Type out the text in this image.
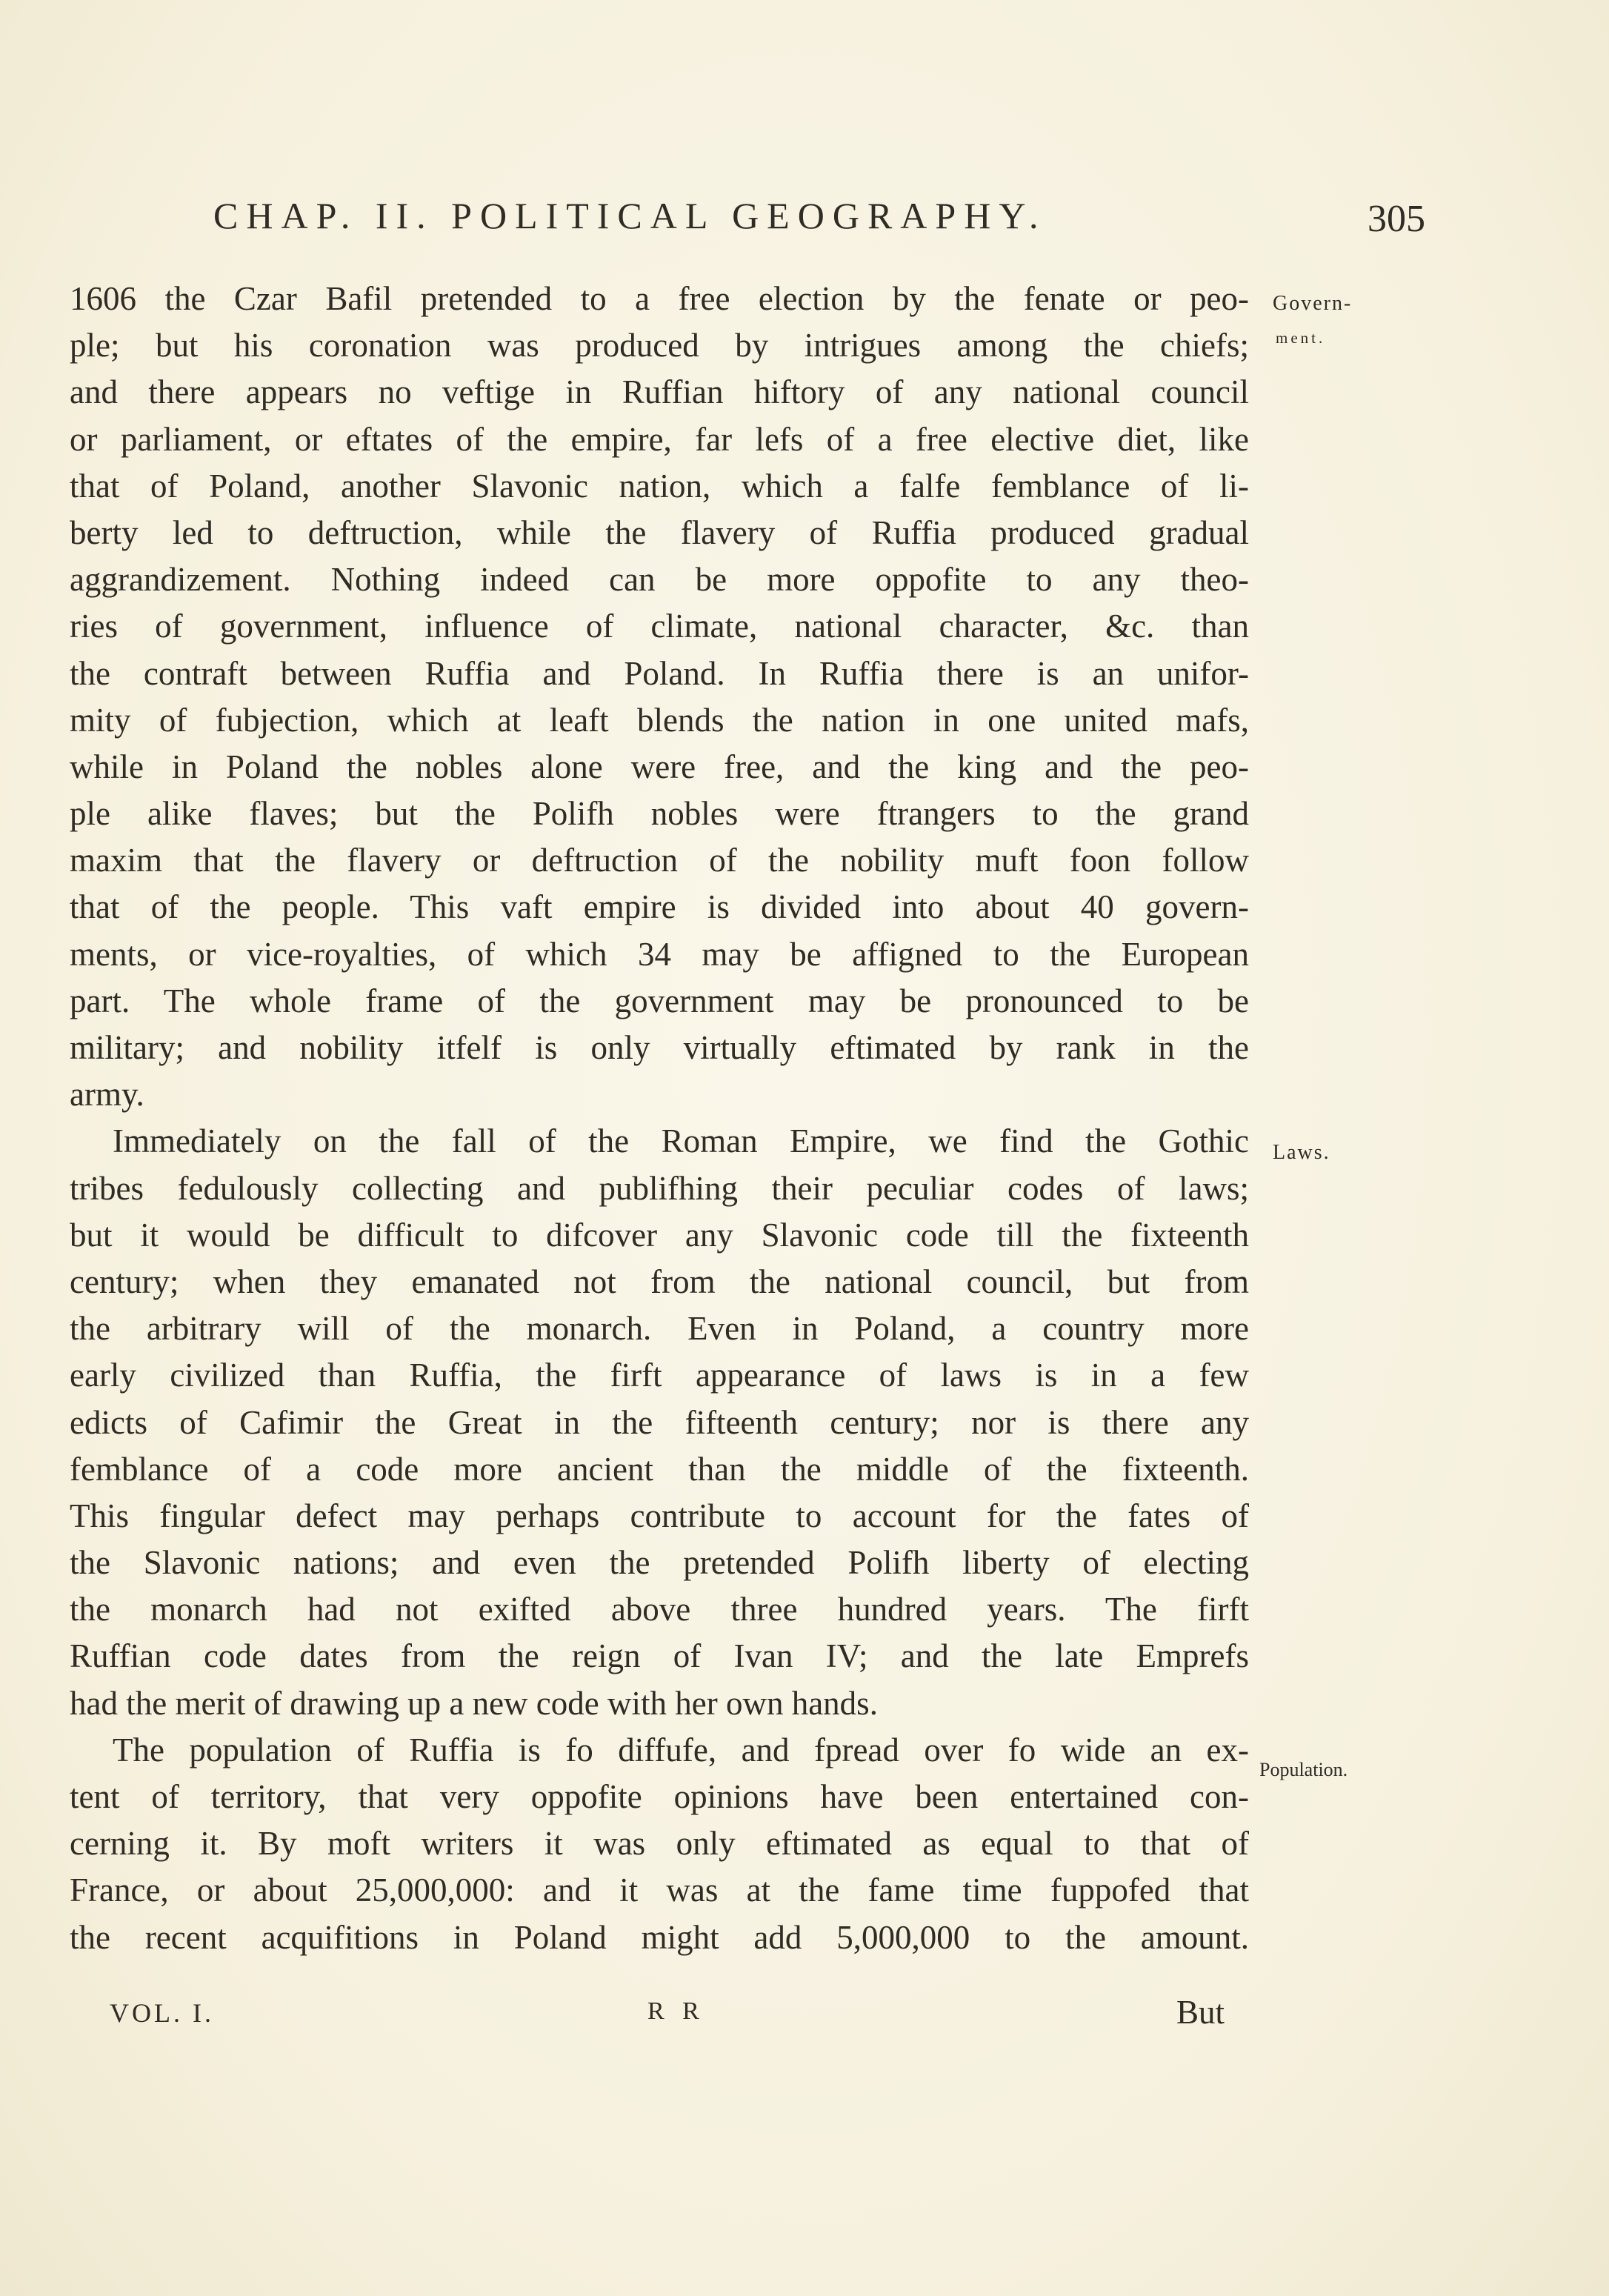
CHAP. II. POLITICAL GEOGRAPHY.	305
Govern-
ment.
Laws.
Population.
1606 the Czar Bafil pretended to a free election by the fenate or peo-
ple; but his coronation was produced by intrigues among the chiefs;
and there appears no veftige in Ruffian hiftory of any national council
or parliament, or eftates of the empire, far lefs of a free elective diet, like
that of Poland, another Slavonic nation, which a falfe femblance of li-
berty led to deftruction, while the flavery of Ruffia produced gradual
aggrandizement. Nothing indeed can be more oppofite to any theo-
ries of government, influence of climate, national character, &c. than
the contraft between Ruffia and Poland. In Ruffia there is an unifor-
mity of fubjection, which at leaft blends the nation in one united mafs,
while in Poland the nobles alone were free, and the king and the peo-
ple alike flaves; but the Polifh nobles were ftrangers to the grand
maxim that the flavery or deftruction of the nobility muft foon follow
that of the people. This vaft empire is divided into about 40 govern-
ments, or vice-royalties, of which 34 may be affigned to the European
part. The whole frame of the government may be pronounced to be
military; and nobility itfelf is only virtually eftimated by rank in the
army.
Immediately on the fall of the Roman Empire, we find the Gothic
tribes fedulously collecting and publifhing their peculiar codes of laws;
but it would be difficult to difcover any Slavonic code till the fixteenth
century; when they emanated not from the national council, but from
the arbitrary will of the monarch. Even in Poland, a country more
early civilized than Ruffia, the firft appearance of laws is in a few
edicts of Cafimir the Great in the fifteenth century; nor is there any
femblance of a code more ancient than the middle of the fixteenth.
This fingular defect may perhaps contribute to account for the fates of
the Slavonic nations; and even the pretended Polifh liberty of electing
the monarch had not exifted above three hundred years. The firft
Ruffian code dates from the reign of Ivan IV; and the late Emprefs
had the merit of drawing up a new code with her own hands.
The population of Ruffia is fo diffufe, and fpread over fo wide an ex-
tent of territory, that very oppofite opinions have been entertained con-
cerning it. By moft writers it was only eftimated as equal to that of
France, or about 25,000,000: and it was at the fame time fuppofed that
the recent acquifitions in Poland might add 5,000,000 to the amount.
VOL. I.	R R	But
